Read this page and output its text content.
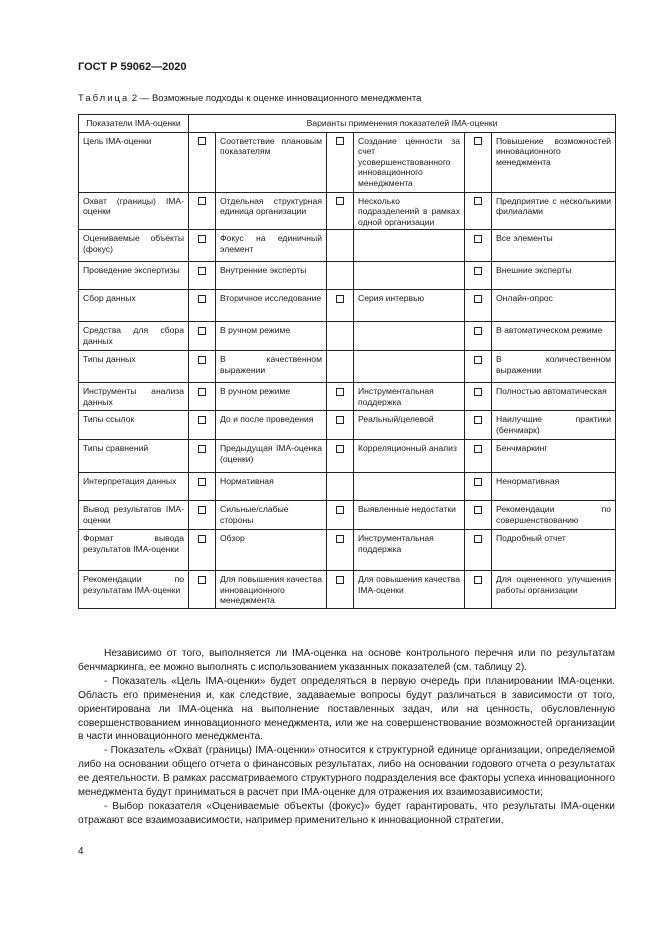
ГОСТ Р 59062—2020
Таблица 2 — Возможные подходы к оценке инновационного менеджмента
Показатели IMA-оценки	Варианты применения показателей IMA-оценки					
Цель IMA-оценки		Соответствие плановым показателям		Создание ценности за счет усовершенствованного инновационного менеджмента		Повышение возможностей инновационного менеджмента
Охват (границы) IMA-оценки		Отдельная структурная единица организации		Несколько подразделений в рамках одной организации		Предприятие с несколькими филиалами
Оцениваемые объекты (фокус)		Фокус на единичный элемент				Все элементы
Проведение экспертизы		Внутренние эксперты				Внешние эксперты
Сбор данных		Вторичное исследование		Серия интервью		Онлайн-опрос
Средства для сбора данных		В ручном режиме				В автоматическом режиме
Типы данных		В качественном выражении				В количественном выражении
Инструменты анализа данных		В ручном режиме		Инструментальная поддержка		Полностью автоматическая
Типы ссылок		До и после проведения		Реальный/целевой		Наилучшие практики (бенчмарк)
Типы сравнений		Предыдущая IMA-оценка (оценки)		Корреляционный анализ		Бенчмаркинг
Интерпретация данных		Нормативная				Ненормативная
Вывод результатов IMA-оценки		Сильные/слабые стороны		Выявленные недостатки		Рекомендации по совершенствованию
Формат вывода результатов IMA-оценки		Обзор		Инструментальная поддержка		Подробный отчет
Рекомендации по результатам IMA-оценки		Для повышения качества инновационного менеджмента		Для повышения качества IMA-оценки		Для оцененного улучшения работы организации

Независимо от того, выполняется ли IMA-оценка на основе контрольного перечня или по результатам бенчмаркинга, ее можно выполнять с использованием указанных показателей (см. таблицу 2).

- Показатель «Цель IMA-оценки» будет определяться в первую очередь при планировании IMA-оценки. Область его применения и, как следствие, задаваемые вопросы будут различаться в зависимости от того, ориентирована ли IMA-оценка на выполнение поставленных задач, или на ценность, обусловленную совершенствованием инновационного менеджмента, или же на совершенствование возможностей организации в части инновационного менеджмента.

- Показатель «Охват (границы) IMA-оценки» относится к структурной единице организации, определяемой либо на основании общего отчета о финансовых результатах, либо на основании годового отчета о результатах ее деятельности. В рамках рассматриваемого структурного подразделения все факторы успеха инновационного менеджмента будут приниматься в расчет при IMA-оценке для отражения их взаимозависимости;

- Выбор показателя «Оцениваемые объекты (фокус)» будет гарантировать, что результаты IMA-оценки отражают все взаимозависимости, например применительно к инновационной стратегии,

4
